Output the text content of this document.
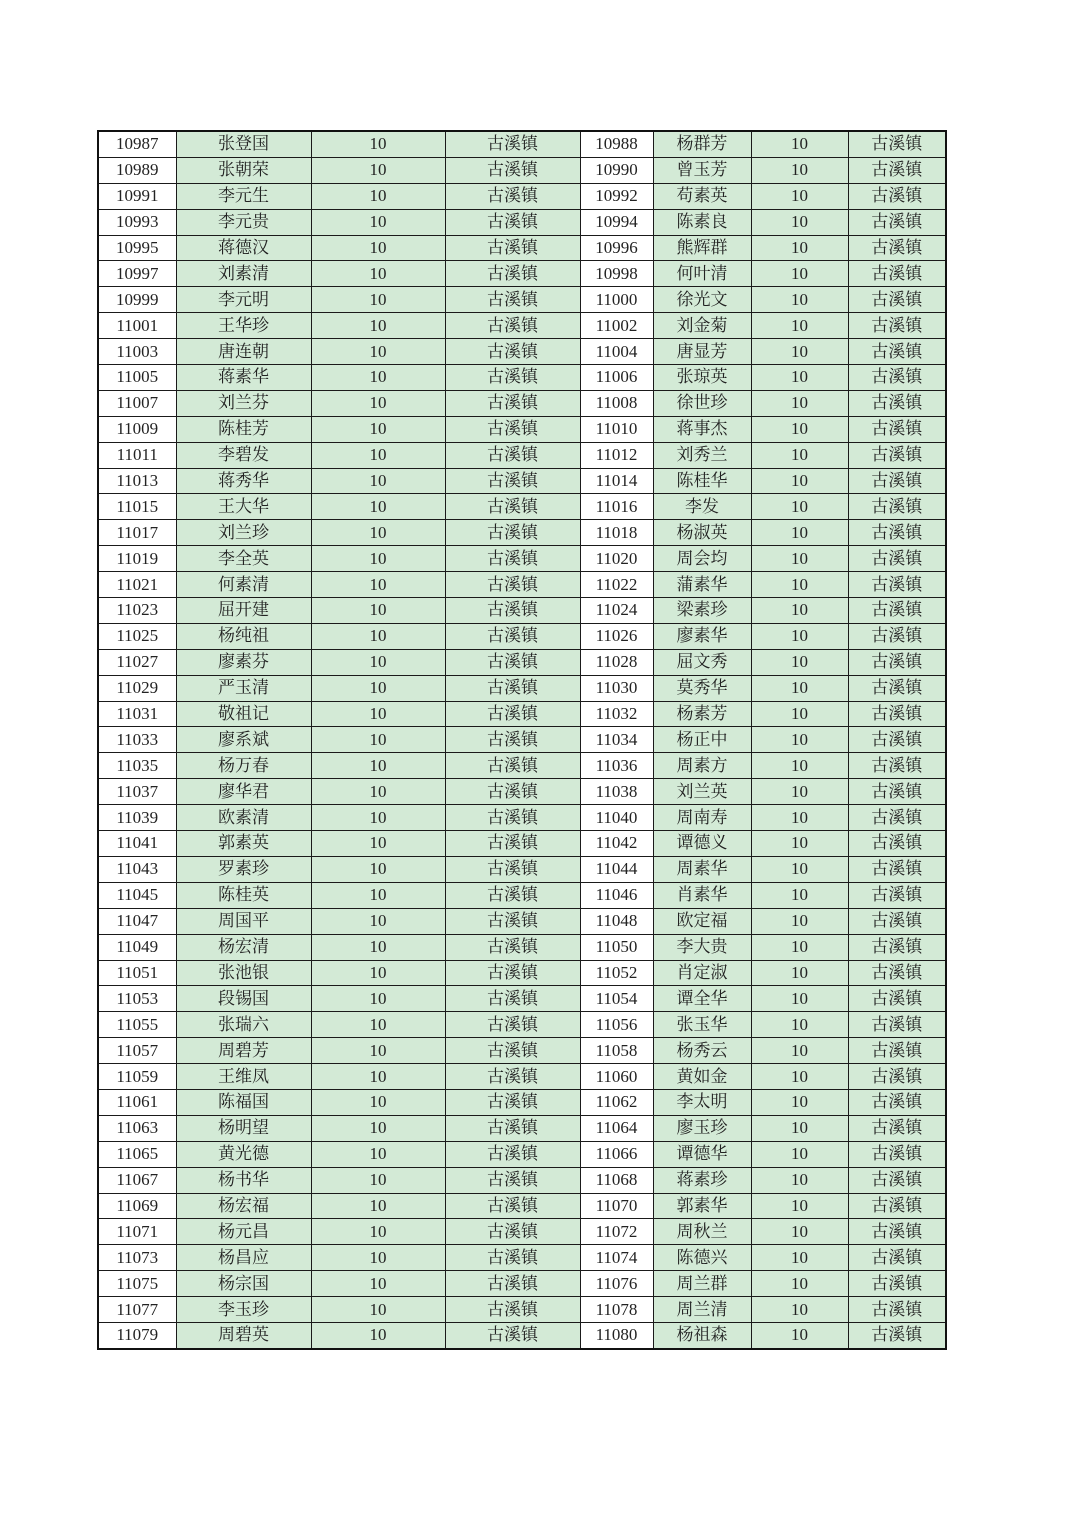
10987	张登国	10	古溪镇	10988	杨群芳	10	古溪镇
10989	张朝荣	10	古溪镇	10990	曾玉芳	10	古溪镇
10991	李元生	10	古溪镇	10992	苟素英	10	古溪镇
10993	李元贵	10	古溪镇	10994	陈素良	10	古溪镇
10995	蒋德汉	10	古溪镇	10996	熊辉群	10	古溪镇
10997	刘素清	10	古溪镇	10998	何叶清	10	古溪镇
10999	李元明	10	古溪镇	11000	徐光文	10	古溪镇
11001	王华珍	10	古溪镇	11002	刘金菊	10	古溪镇
11003	唐连朝	10	古溪镇	11004	唐显芳	10	古溪镇
11005	蒋素华	10	古溪镇	11006	张琼英	10	古溪镇
11007	刘兰芬	10	古溪镇	11008	徐世珍	10	古溪镇
11009	陈桂芳	10	古溪镇	11010	蒋事杰	10	古溪镇
11011	李碧发	10	古溪镇	11012	刘秀兰	10	古溪镇
11013	蒋秀华	10	古溪镇	11014	陈桂华	10	古溪镇
11015	王大华	10	古溪镇	11016	李发	10	古溪镇
11017	刘兰珍	10	古溪镇	11018	杨淑英	10	古溪镇
11019	李全英	10	古溪镇	11020	周会均	10	古溪镇
11021	何素清	10	古溪镇	11022	蒲素华	10	古溪镇
11023	屈开建	10	古溪镇	11024	梁素珍	10	古溪镇
11025	杨纯祖	10	古溪镇	11026	廖素华	10	古溪镇
11027	廖素芬	10	古溪镇	11028	屈文秀	10	古溪镇
11029	严玉清	10	古溪镇	11030	莫秀华	10	古溪镇
11031	敬祖记	10	古溪镇	11032	杨素芳	10	古溪镇
11033	廖系斌	10	古溪镇	11034	杨正中	10	古溪镇
11035	杨万春	10	古溪镇	11036	周素方	10	古溪镇
11037	廖华君	10	古溪镇	11038	刘兰英	10	古溪镇
11039	欧素清	10	古溪镇	11040	周南寿	10	古溪镇
11041	郭素英	10	古溪镇	11042	谭德义	10	古溪镇
11043	罗素珍	10	古溪镇	11044	周素华	10	古溪镇
11045	陈桂英	10	古溪镇	11046	肖素华	10	古溪镇
11047	周国平	10	古溪镇	11048	欧定福	10	古溪镇
11049	杨宏清	10	古溪镇	11050	李大贵	10	古溪镇
11051	张池银	10	古溪镇	11052	肖定淑	10	古溪镇
11053	段锡国	10	古溪镇	11054	谭全华	10	古溪镇
11055	张瑞六	10	古溪镇	11056	张玉华	10	古溪镇
11057	周碧芳	10	古溪镇	11058	杨秀云	10	古溪镇
11059	王维凤	10	古溪镇	11060	黄如金	10	古溪镇
11061	陈福国	10	古溪镇	11062	李太明	10	古溪镇
11063	杨明望	10	古溪镇	11064	廖玉珍	10	古溪镇
11065	黄光德	10	古溪镇	11066	谭德华	10	古溪镇
11067	杨书华	10	古溪镇	11068	蒋素珍	10	古溪镇
11069	杨宏福	10	古溪镇	11070	郭素华	10	古溪镇
11071	杨元昌	10	古溪镇	11072	周秋兰	10	古溪镇
11073	杨昌应	10	古溪镇	11074	陈德兴	10	古溪镇
11075	杨宗国	10	古溪镇	11076	周兰群	10	古溪镇
11077	李玉珍	10	古溪镇	11078	周兰清	10	古溪镇
11079	周碧英	10	古溪镇	11080	杨祖森	10	古溪镇
